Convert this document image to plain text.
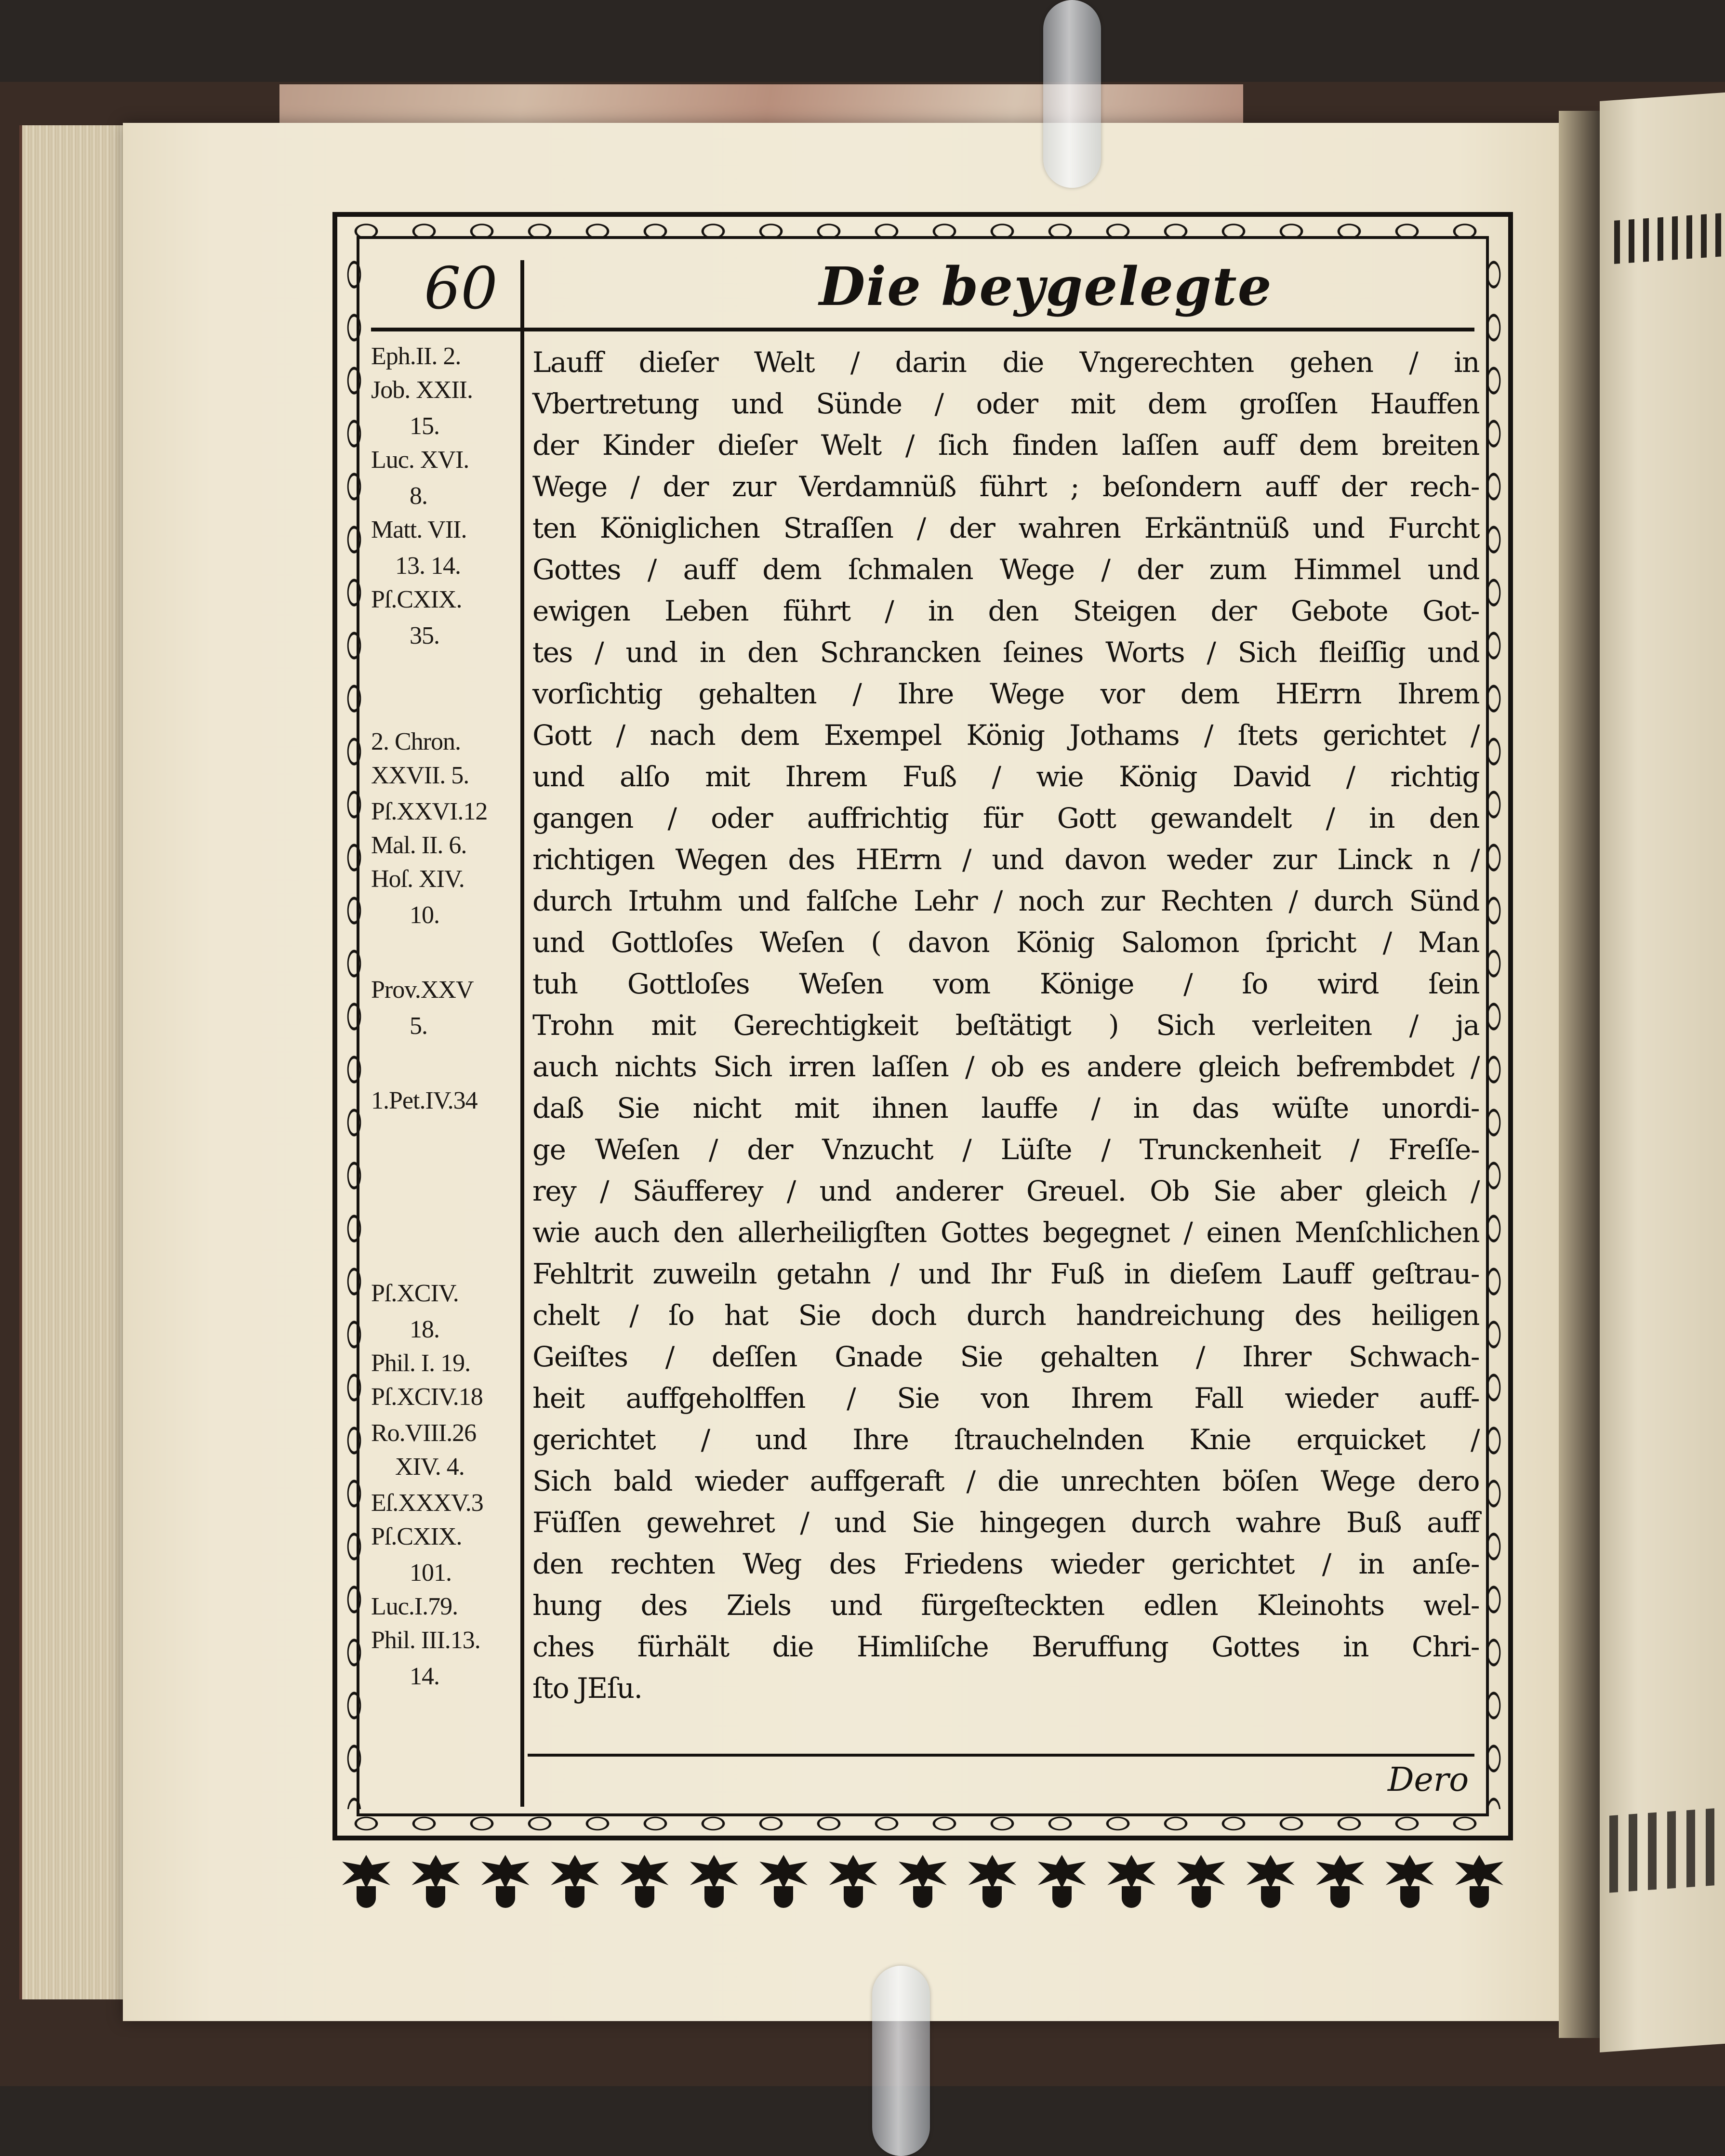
60	Die beygelegte
Eph.II. 2.
Job. XXII.
15.
Luc. XVI.
8.
Matt. VII.
13. 14.
Pſ.CXIX.
35.
2. Chron.
XXVII. 5.
Pſ.XXVI.12
Mal. II. 6.
Hoſ. XIV.
10.
Prov.XXV
5.
1.Pet.IV.34
Pſ.XCIV.
18.
Phil. I. 19.
Pſ.XCIV.18
Ro.VIII.26
XIV. 4.
Eſ.XXXV.3
Pſ.CXIX.
101.
Luc.I.79.
Phil. III.13.
14.
Lauff dieſer Welt / darin die Vngerechten gehen / in
Vbertretung und Sünde / oder mit dem groſſen Hauffen
der Kinder dieſer Welt / ſich finden laſſen auff dem breiten
Wege / der zur Verdamnüß führt ; beſondern auff der rech-
ten Königlichen Straſſen / der wahren Erkäntnüß und Furcht
Gottes / auff dem ſchmalen Wege / der zum Himmel und
ewigen Leben führt / in den Steigen der Gebote Got-
tes / und in den Schrancken ſeines Worts / Sich fleiſſig und
vorſichtig gehalten / Ihre Wege vor dem HErrn Ihrem
Gott / nach dem Exempel König Jothams / ſtets gerichtet /
und alſo mit Ihrem Fuß / wie König David / richtig
gangen / oder auffrichtig für Gott gewandelt / in den
richtigen Wegen des HErrn / und davon weder zur Linck n /
durch Irtuhm und falſche Lehr / noch zur Rechten / durch Sünd
und Gottloſes Weſen ( davon König Salomon ſpricht / Man
tuh Gottloſes Weſen vom Könige / ſo wird ſein
Trohn mit Gerechtigkeit beſtätigt ) Sich verleiten / ja
auch nichts Sich irren laſſen / ob es andere gleich befrembdet /
daß Sie nicht mit ihnen lauffe / in das wüſte unordi-
ge Weſen / der Vnzucht / Lüſte / Trunckenheit / Freſſe-
rey / Säufferey / und anderer Greuel. Ob Sie aber gleich /
wie auch den allerheiligſten Gottes begegnet / einen Menſchlichen
Fehltrit zuweiln getahn / und Ihr Fuß in dieſem Lauff geſtrau-
chelt / ſo hat Sie doch durch handreichung des heiligen
Geiſtes / deſſen Gnade Sie gehalten / Ihrer Schwach-
heit auffgeholffen / Sie von Ihrem Fall wieder auff-
gerichtet / und Ihre ſtrauchelnden Knie erquicket /
Sich bald wieder auffgeraft / die unrechten böſen Wege dero
Füſſen gewehret / und Sie hingegen durch wahre Buß auff
den rechten Weg des Friedens wieder gerichtet / in anſe-
hung des Ziels und fürgeſteckten edlen Kleinohts wel-
ches fürhält die Himliſche Beruffung Gottes in Chri-
ſto JEſu.
Dero
